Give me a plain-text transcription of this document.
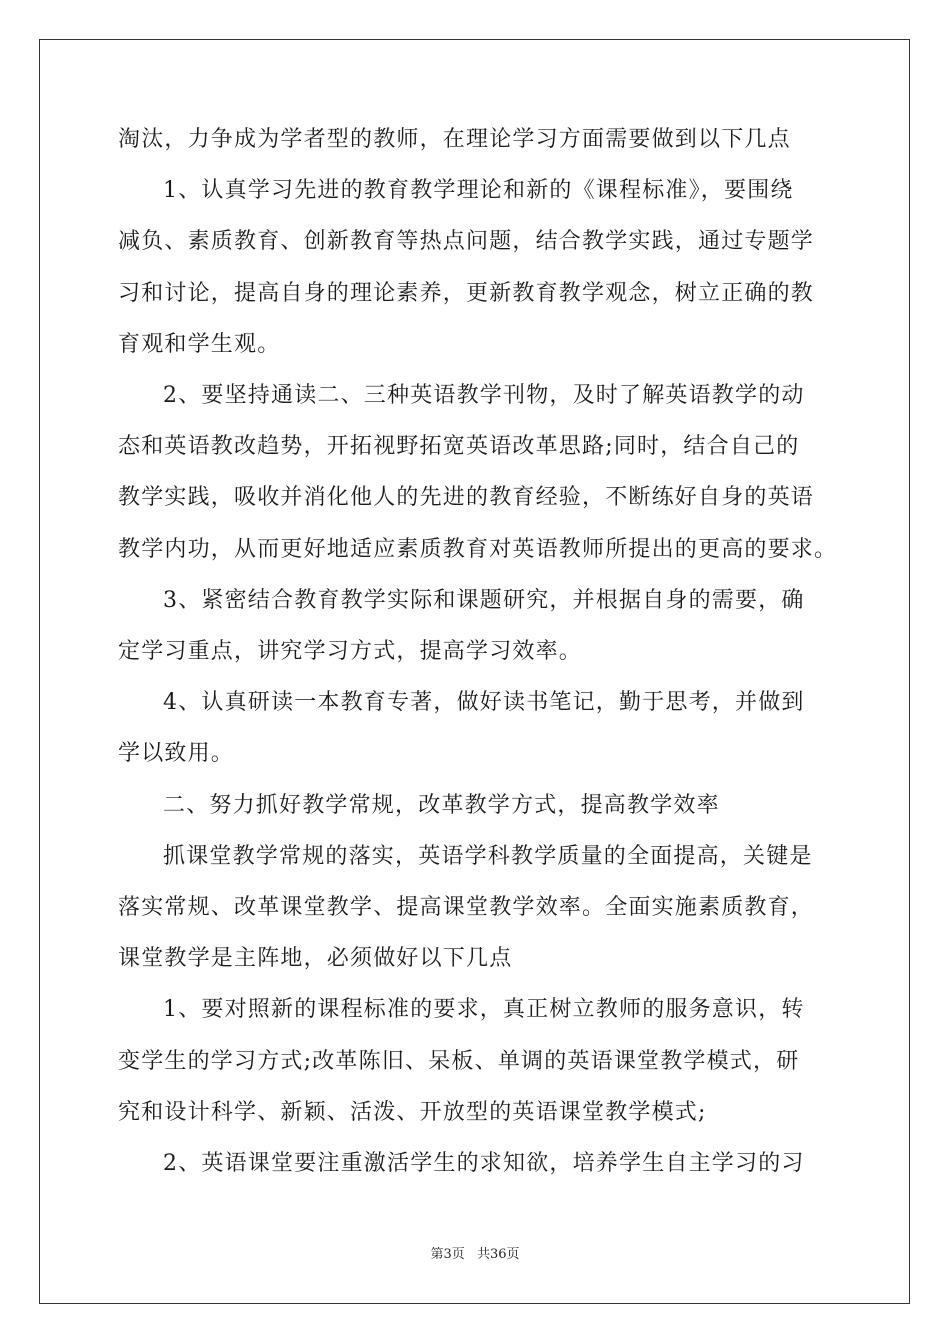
淘汰，力争成为学者型的教师，在理论学习方面需要做到以下几点
1、认真学习先进的教育教学理论和新的《课程标准》，要围绕
减负、素质教育、创新教育等热点问题，结合教学实践，通过专题学
习和讨论，提高自身的理论素养，更新教育教学观念，树立正确的教
育观和学生观。
2、要坚持通读二、三种英语教学刊物，及时了解英语教学的动
态和英语教改趋势，开拓视野拓宽英语改革思路;同时，结合自己的
教学实践，吸收并消化他人的先进的教育经验，不断练好自身的英语
教学内功，从而更好地适应素质教育对英语教师所提出的更高的要求。
3、紧密结合教育教学实际和课题研究，并根据自身的需要，确
定学习重点，讲究学习方式，提高学习效率。
4、认真研读一本教育专著，做好读书笔记，勤于思考，并做到
学以致用。
二、努力抓好教学常规，改革教学方式，提高教学效率
抓课堂教学常规的落实，英语学科教学质量的全面提高，关键是
落实常规、改革课堂教学、提高课堂教学效率。全面实施素质教育，
课堂教学是主阵地，必须做好以下几点
1、要对照新的课程标准的要求，真正树立教师的服务意识，转
变学生的学习方式;改革陈旧、呆板、单调的英语课堂教学模式，研
究和设计科学、新颖、活泼、开放型的英语课堂教学模式;
2、英语课堂要注重激活学生的求知欲，培养学生自主学习的习
第3页 共36页
